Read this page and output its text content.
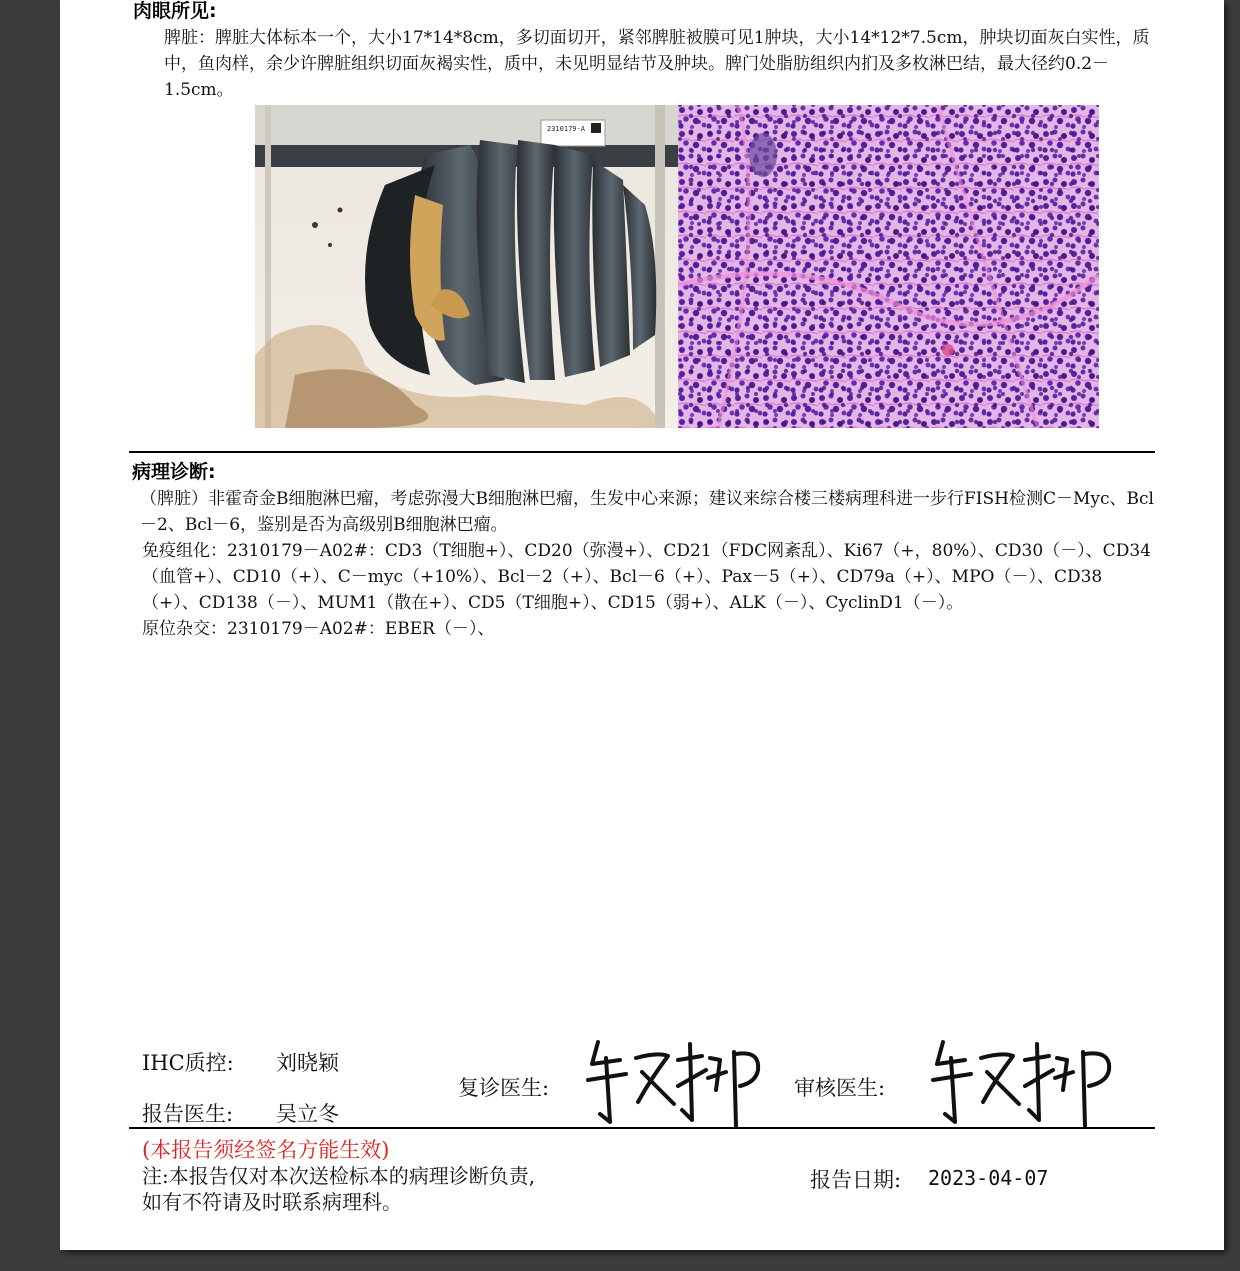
肉眼所见:
脾脏：脾脏大体标本一个，大小17*14*8cm，多切面切开，紧邻脾脏被膜可见1肿块，大小14*12*7.5cm，肿块切面灰白实性，质中，鱼肉样，余少许脾脏组织切面灰褐实性，质中，未见明显结节及肿块。脾门处脂肪组织内扪及多枚淋巴结，最大径约0.2－1.5cm。
2310179-A
病理诊断:
（脾脏）非霍奇金B细胞淋巴瘤，考虑弥漫大B细胞淋巴瘤，生发中心来源；建议来综合楼三楼病理科进一步行FISH检测C－Myc、Bcl－2、Bcl－6，鉴别是否为高级别B细胞淋巴瘤。
免疫组化：2310179－A02#：CD3（T细胞+）、CD20（弥漫+）、CD21（FDC网紊乱）、Ki67（+，80%）、CD30（－）、CD34（血管+）、CD10（+）、C－myc（+10%）、Bcl－2（+）、Bcl－6（+）、Pax－5（+）、CD79a（+）、MPO（－）、CD38（+）、CD138（－）、MUM1（散在+）、CD5（T细胞+）、CD15（弱+）、ALK（－）、CyclinD1（－）。
原位杂交：2310179－A02#：EBER（－）、
IHC质控: 刘晓颖
报告医生: 吴立冬
复诊医生:	审核医生:
(本报告须经签名方能生效)
注:本报告仅对本次送检标本的病理诊断负责,
如有不符请及时联系病理科。
报告日期: 2023-04-07
